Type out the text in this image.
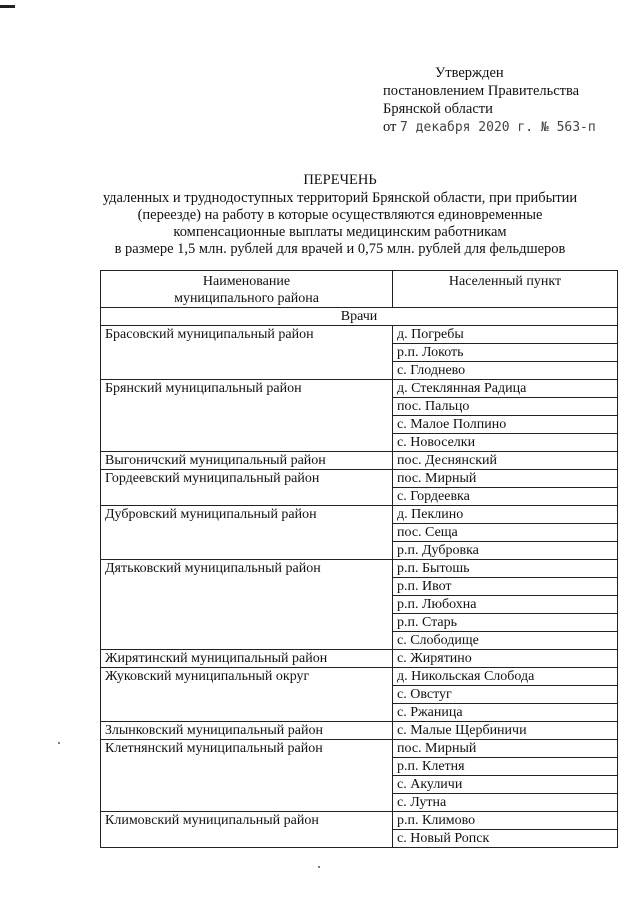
Утвержден
постановлением Правительства
Брянской области
от 7 декабря 2020 г. № 563-п
ПЕРЕЧЕНЬ
удаленных и труднодоступных территорий Брянской области, при прибытии
(переезде) на работу в которые осуществляются единовременные
компенсационные выплаты медицинским работникам
в размере 1,5 млн. рублей для врачей и 0,75 млн. рублей для фельдшеров
Наименование
муниципального района	Населенный пункт
Врачи	
Брасовский муниципальный район	д. Погребы
	р.п. Локоть
	с. Глоднево
Брянский муниципальный район	д. Стеклянная Радица
	пос. Пальцо
	с. Малое Полпино
	с. Новоселки
Выгоничский муниципальный район	пос. Деснянский
Гордеевский муниципальный район	пос. Мирный
	с. Гордеевка
Дубровский муниципальный район	д. Пеклино
	пос. Сеща
	р.п. Дубровка
Дятьковский муниципальный район	р.п. Бытошь
	р.п. Ивот
	р.п. Любохна
	р.п. Старь
	с. Слободище
Жирятинский муниципальный район	с. Жирятино
Жуковский муниципальный округ	д. Никольская Слобода
	с. Овстуг
	с. Ржаница
Злынковский муниципальный район	с. Малые Щербиничи
Клетнянский муниципальный район	пос. Мирный
	р.п. Клетня
	с. Акуличи
	с. Лутна
Климовский муниципальный район	р.п. Климово
	с. Новый Ропск
